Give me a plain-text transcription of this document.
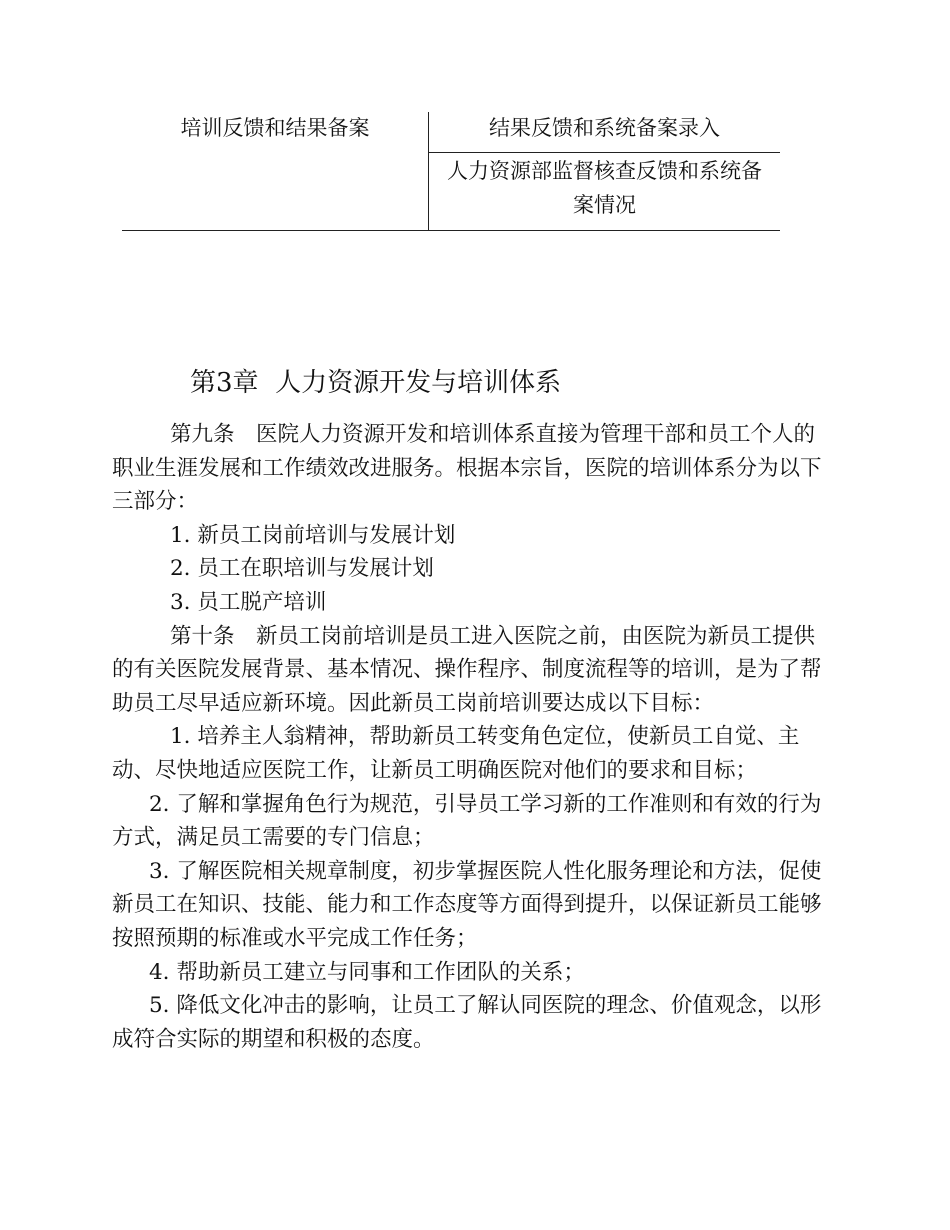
培训反馈和结果备案	结果反馈和系统备案录入
人力资源部监督核查反馈和系统备案情况
第3章  人力资源开发与培训体系

第九条　医院人力资源开发和培训体系直接为管理干部和员工个人的职业生涯发展和工作绩效改进服务。根据本宗旨，医院的培训体系分为以下三部分：

1. 新员工岗前培训与发展计划

2. 员工在职培训与发展计划

3. 员工脱产培训

第十条　新员工岗前培训是员工进入医院之前，由医院为新员工提供的有关医院发展背景、基本情况、操作程序、制度流程等的培训，是为了帮助员工尽早适应新环境。因此新员工岗前培训要达成以下目标：

1. 培养主人翁精神，帮助新员工转变角色定位，使新员工自觉、主动、尽快地适应医院工作，让新员工明确医院对他们的要求和目标；

2. 了解和掌握角色行为规范，引导员工学习新的工作准则和有效的行为方式，满足员工需要的专门信息；

3. 了解医院相关规章制度，初步掌握医院人性化服务理论和方法，促使新员工在知识、技能、能力和工作态度等方面得到提升，以保证新员工能够按照预期的标准或水平完成工作任务；

4. 帮助新员工建立与同事和工作团队的关系；

5. 降低文化冲击的影响，让员工了解认同医院的理念、价值观念，以形成符合实际的期望和积极的态度。
